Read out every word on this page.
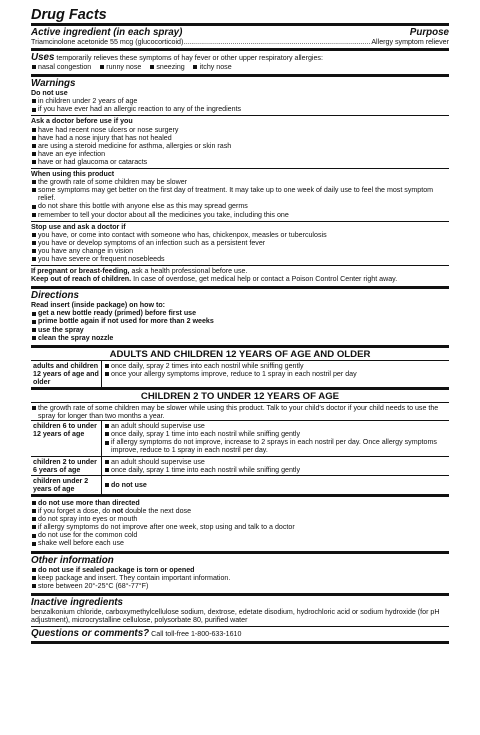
Drug Facts
Active ingredient (in each spray)	Purpose
Triamcinolone acetonide 55 mcg (glucocorticoid)
.....	Allergy symptom reliever
Uses temporarily relieves these symptoms of hay fever or other upper respiratory allergies:
nasal congestion runny nose sneezing itchy nose
Warnings
Do not use
in children under 2 years of age
if you have ever had an allergic reaction to any of the ingredients
Ask a doctor before use if you
have had recent nose ulcers or nose surgery
have had a nose injury that has not healed
are using a steroid medicine for asthma, allergies or skin rash
have an eye infection
have or had glaucoma or cataracts
When using this product
the growth rate of some children may be slower
some symptoms may get better on the first day of treatment. It may take up to one week of daily use to feel the most symptom relief.
do not share this bottle with anyone else as this may spread germs
remember to tell your doctor about all the medicines you take, including this one
Stop use and ask a doctor if
you have, or come into contact with someone who has, chickenpox, measles or tuberculosis
you have or develop symptoms of an infection such as a persistent fever
you have any change in vision
you have severe or frequent nosebleeds
If pregnant or breast-feeding, ask a health professional before use.
Keep out of reach of children. In case of overdose, get medical help or contact a Poison Control Center right away.
Directions
Read insert (inside package) on how to:
get a new bottle ready (primed) before first use
prime bottle again if not used for more than 2 weeks
use the spray
clean the spray nozzle
ADULTS AND CHILDREN 12 YEARS OF AGE AND OLDER
adults and children 12 years of age and older	
once daily, spray 2 times into each nostril while sniffing gently
once your allergy symptoms improve, reduce to 1 spray in each nostril per day
CHILDREN 2 TO UNDER 12 YEARS OF AGE
the growth rate of some children may be slower while using this product. Talk to your child's doctor if your child needs to use the spray for longer than two months a year.
children 6 to under 12 years of age	
an adult should supervise use
once daily, spray 1 time into each nostril while sniffing gently
if allergy symptoms do not improve, increase to 2 sprays in each nostril per day. Once allergy symptoms improve, reduce to 1 spray in each nostril per day.

children 2 to under 6 years of age	
an adult should supervise use
once daily, spray 1 time into each nostril while sniffing gently

children under 2 years of age	
do not use
do not use more than directed
if you forget a dose, do not double the next dose
do not spray into eyes or mouth
if allergy symptoms do not improve after one week, stop using and talk to a doctor
do not use for the common cold
shake well before each use
Other information
do not use if sealed package is torn or opened
keep package and insert. They contain important information.
store between 20°-25°C (68°-77°F)
Inactive ingredients
benzalkonium chloride, carboxymethylcellulose sodium, dextrose, edetate disodium, hydrochloric acid or sodium hydroxide (for pH adjustment), microcrystalline cellulose, polysorbate 80, purified water
Questions or comments? Call toll-free 1-800-633-1610
